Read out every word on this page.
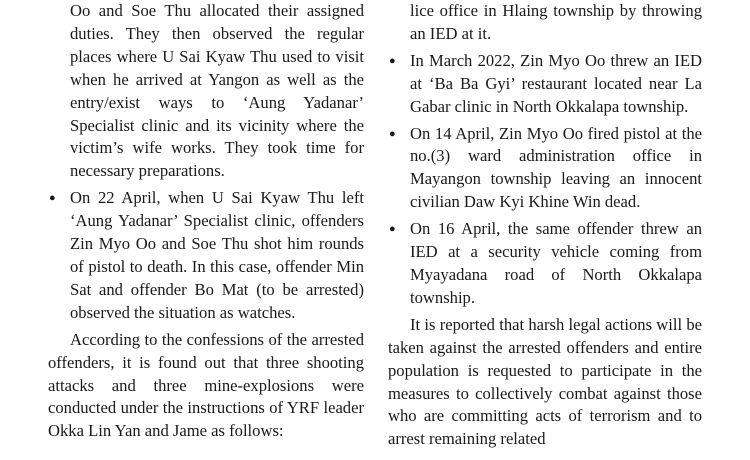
Oo and Soe Thu allocated their assigned duties. They then observed the regular places where U Sai Kyaw Thu used to visit when he arrived at Yangon as well as the entry/exist ways to ‘Aung Yadanar’ Specialist clinic and its vicinity where the victim’s wife works. They took time for necessary preparations.

● On 22 April, when U Sai Kyaw Thu left ‘Aung Yadanar’ Specialist clinic, offenders Zin Myo Oo and Soe Thu shot him rounds of pistol to death. In this case, offender Min Sat and offender Bo Mat (to be arrested) observed the situation as watches.

According to the confessions of the arrested offenders, it is found out that three shooting attacks and three mine-explosions were conducted under the instructions of YRF leader Okka Lin Yan and Jame as follows:

lice office in Hlaing township by throwing an IED at it.

● In March 2022, Zin Myo Oo threw an IED at ‘Ba Ba Gyi’ restaurant located near La Gabar clinic in North Okkalapa township.
● On 14 April, Zin Myo Oo fired pistol at the no.(3) ward administration office in Mayangon township leaving an innocent civilian Daw Kyi Khine Win dead.
● On 16 April, the same offender threw an IED at a security vehicle coming from Myayadana road of North Okkalapa township.

It is reported that harsh legal actions will be taken against the arrested offenders and entire population is requested to participate in the measures to collectively combat against those who are committing acts of terrorism and to arrest remaining related
